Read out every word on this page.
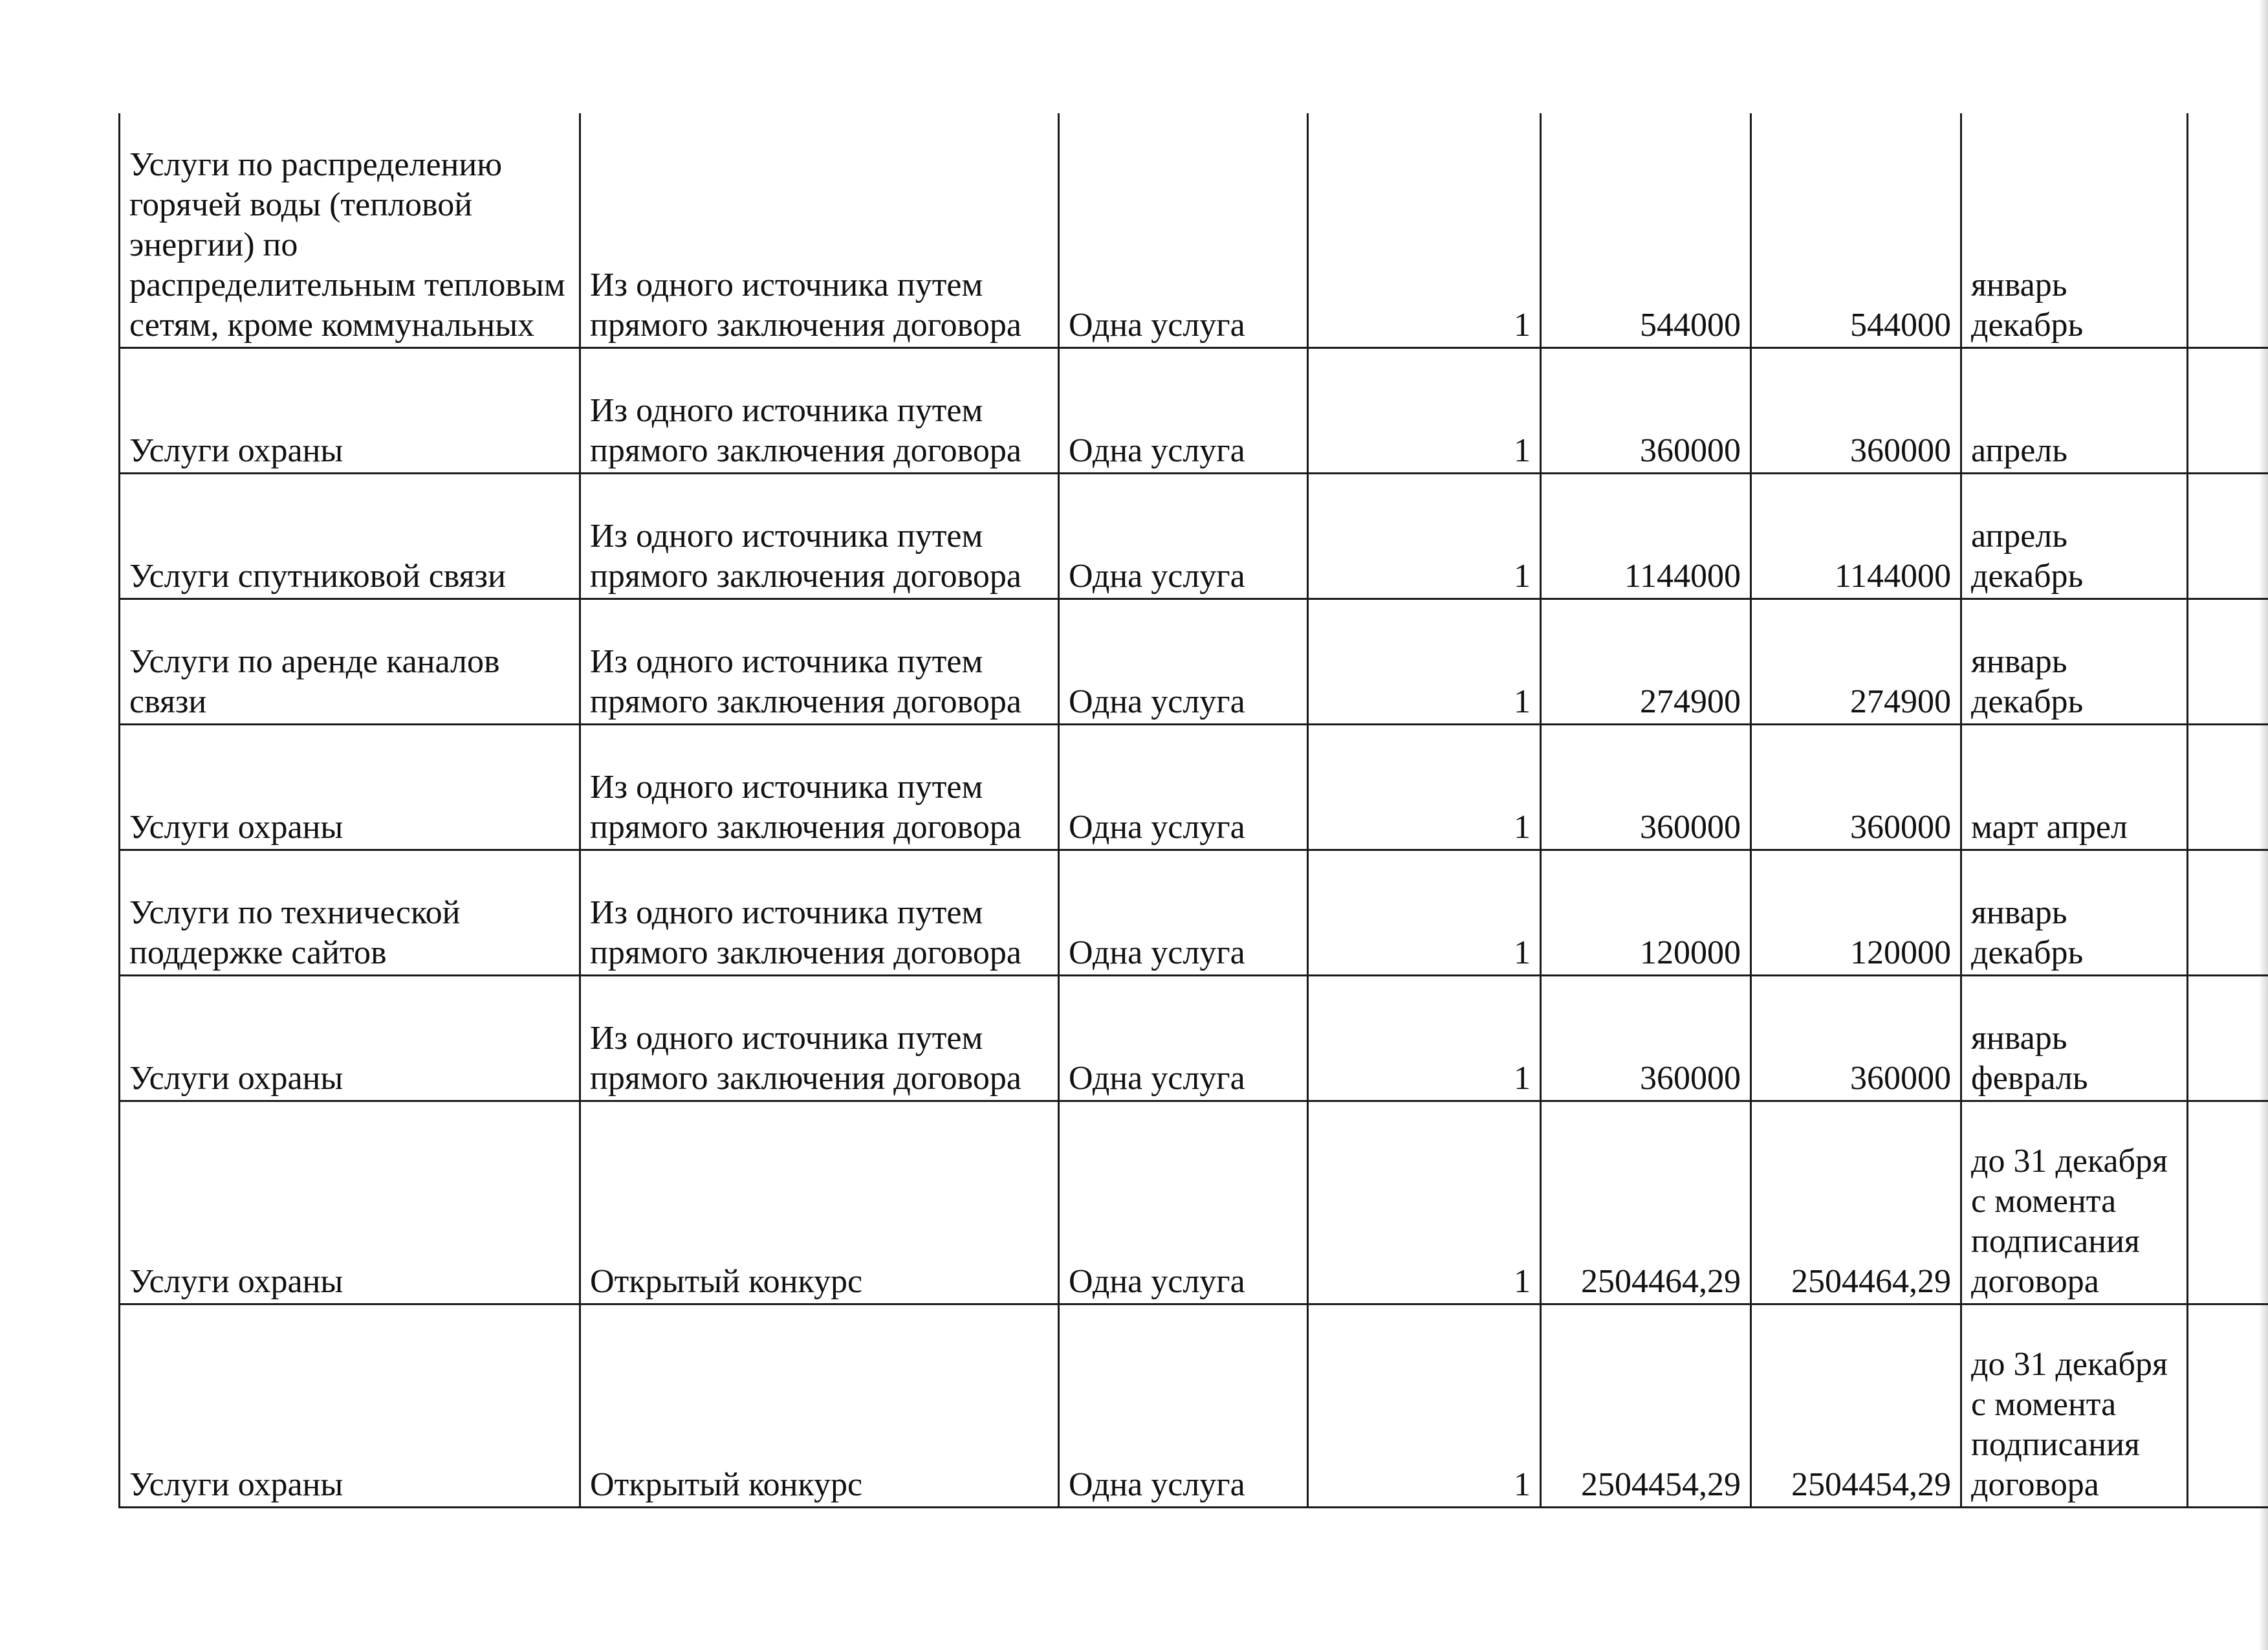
Услуги по распределению горячей воды (тепловой энергии) по распределительным тепловым сетям, кроме коммунальных	Из одного источника путем прямого заключения договора	Одна услуга	1	544000	544000	январь декабрь	
Услуги охраны	Из одного источника путем прямого заключения договора	Одна услуга	1	360000	360000	апрель	
Услуги спутниковой связи	Из одного источника путем прямого заключения договора	Одна услуга	1	1144000	1144000	апрель декабрь	
Услуги по аренде каналов связи	Из одного источника путем прямого заключения договора	Одна услуга	1	274900	274900	январь декабрь	
Услуги охраны	Из одного источника путем прямого заключения договора	Одна услуга	1	360000	360000	март апрел	
Услуги по технической поддержке сайтов	Из одного источника путем прямого заключения договора	Одна услуга	1	120000	120000	январь декабрь	
Услуги охраны	Из одного источника путем прямого заключения договора	Одна услуга	1	360000	360000	январь февраль	
Услуги охраны	Открытый конкурс	Одна услуга	1	2504464,29	2504464,29	до 31 декабря с момента подписания договора	
Услуги охраны	Открытый конкурс	Одна услуга	1	2504454,29	2504454,29	до 31 декабря с момента подписания договора	
